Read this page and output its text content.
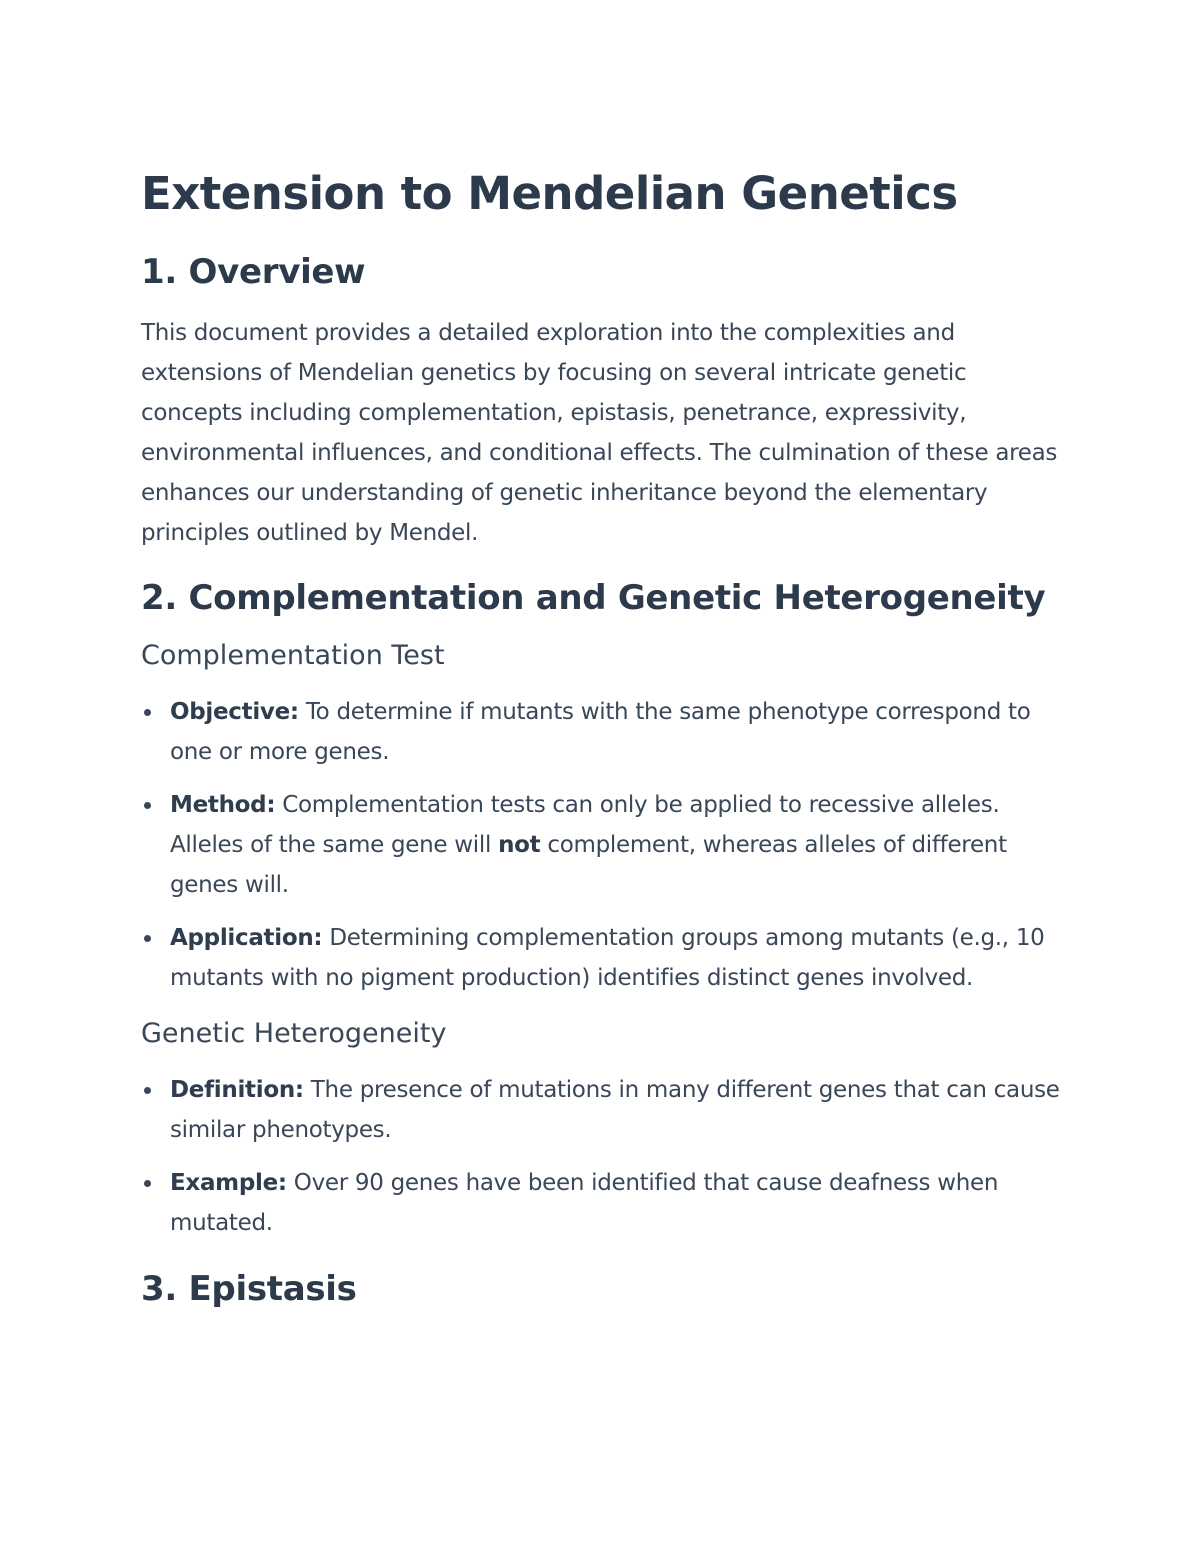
Extension to Mendelian Genetics
1. Overview

This document provides a detailed exploration into the complexities and extensions of Mendelian genetics by focusing on several intricate genetic concepts including complementation, epistasis, penetrance, expressivity, environmental influences, and conditional effects. The culmination of these areas enhances our understanding of genetic inheritance beyond the elementary principles outlined by Mendel.

2. Complementation and Genetic Heterogeneity
Complementation Test
Objective: To determine if mutants with the same phenotype correspond to one or more genes.
Method: Complementation tests can only be applied to recessive alleles. Alleles of the same gene will not complement, whereas alleles of different genes will.
Application: Determining complementation groups among mutants (e.g., 10 mutants with no pigment production) identifies distinct genes involved.
Genetic Heterogeneity
Definition: The presence of mutations in many different genes that can cause similar phenotypes.
Example: Over 90 genes have been identified that cause deafness when mutated.
3. Epistasis
